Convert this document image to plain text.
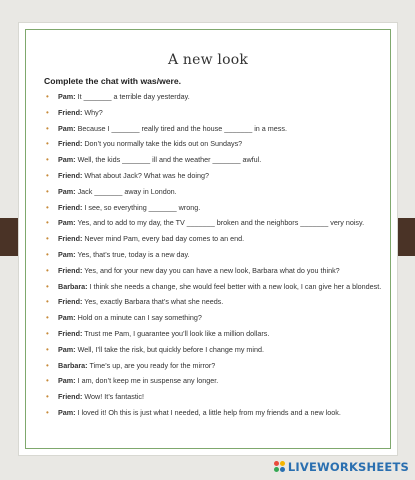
A new look
Complete the chat with was/were.
• Pam: It _______ a terrible day yesterday.
• Friend: Why?
• Pam: Because I _______ really tired and the house _______ in a mess.
• Friend: Don’t you normally take the kids out on Sundays?
• Pam: Well, the kids _______ ill and the weather _______ awful.
• Friend: What about Jack? What was he doing?
• Pam: Jack _______ away in London.
• Friend: I see, so everything _______ wrong.
• Pam: Yes, and to add to my day, the TV _______ broken and the neighbors _______ very noisy.
• Friend: Never mind Pam, every bad day comes to an end.
• Pam: Yes, that’s true, today is a new day.
• Friend: Yes, and for your new day you can have a new look, Barbara what do you think?
• Barbara: I think she needs a change, she would feel better with a new look, I can give her a blondest.
• Friend: Yes, exactly Barbara that’s what she needs.
• Pam: Hold on a minute can I say something?
• Friend: Trust me Pam, I guarantee you’ll look like a million dollars.
• Pam: Well, I’ll take the risk, but quickly before I change my mind.
• Barbara: Time’s up, are you ready for the mirror?
• Pam: I am, don’t keep me in suspense any longer.
• Friend: Wow! It’s fantastic!
• Pam: I loved it! Oh this is just what I needed, a little help from my friends and a new look.
LIVEWORKSHEETS
